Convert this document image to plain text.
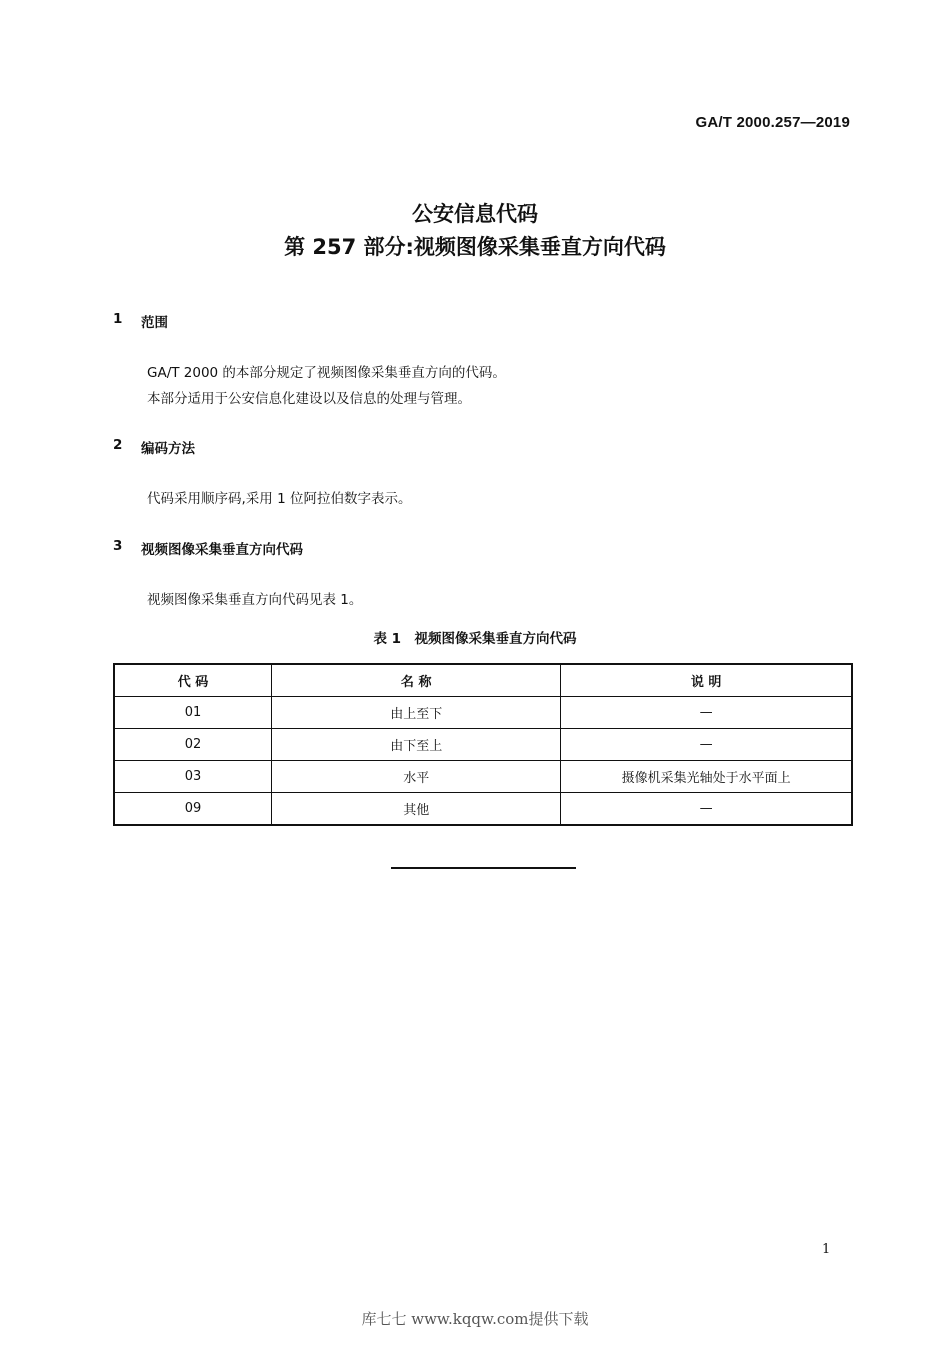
GA/T 2000.257—2019
公安信息代码
第 257 部分:视频图像采集垂直方向代码
1 范围
GA/T 2000 的本部分规定了视频图像采集垂直方向的代码。
本部分适用于公安信息化建设以及信息的处理与管理。
2 编码方法
代码采用顺序码,采用 1 位阿拉伯数字表示。
3 视频图像采集垂直方向代码
视频图像采集垂直方向代码见表 1。
表 1　视频图像采集垂直方向代码
代 码	名 称	说 明
01	由上至下	—
02	由下至上	—
03	水平	摄像机采集光轴处于水平面上
09	其他	—
1
库七七 www.kqqw.com提供下载
